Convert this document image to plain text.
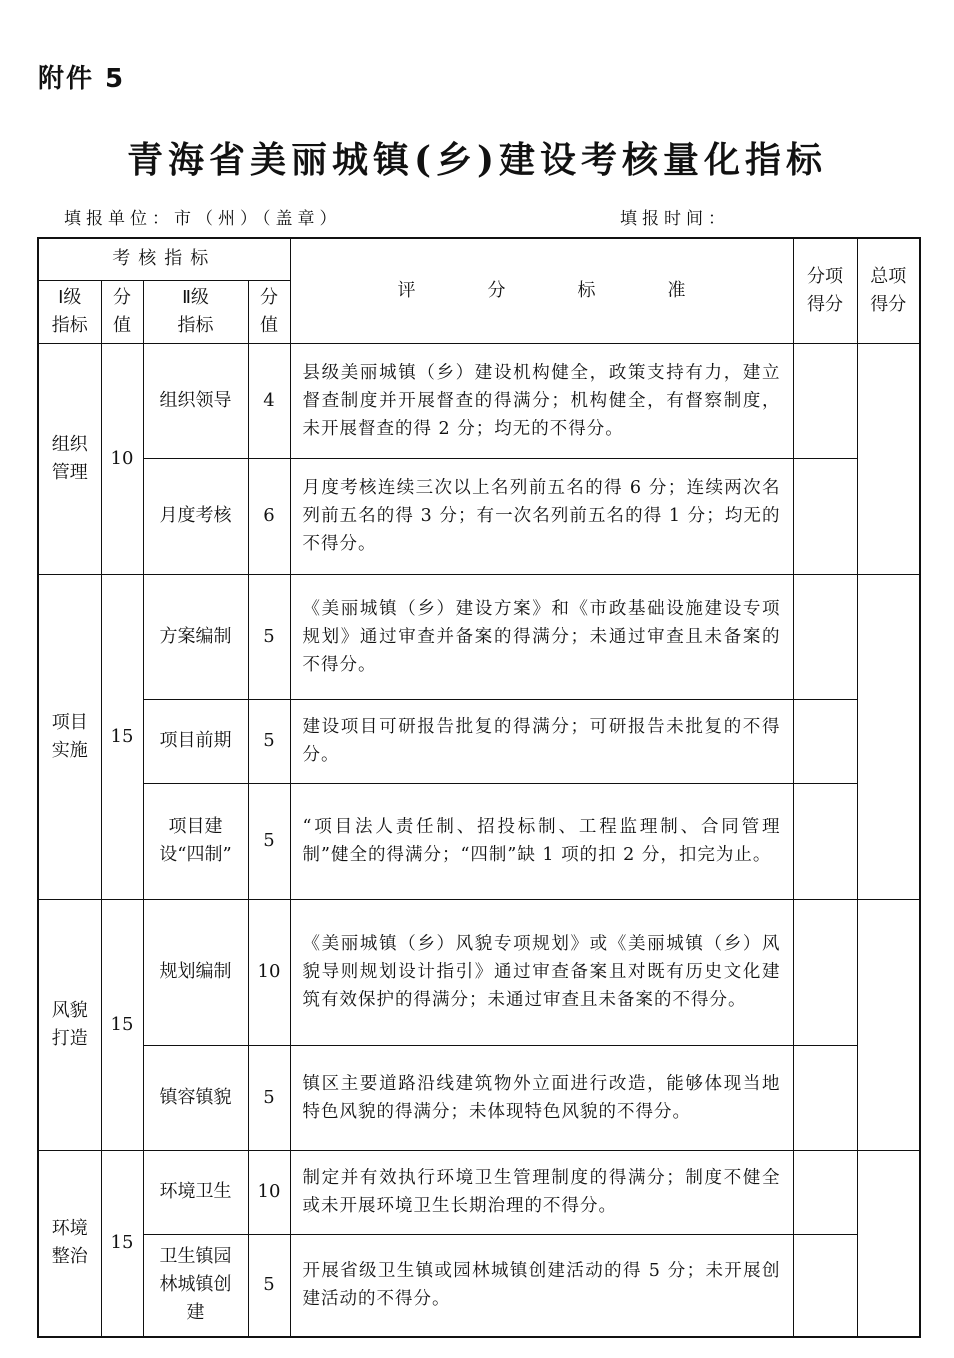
附件 5
青海省美丽城镇(乡)建设考核量化指标
填报单位：市（州）（盖章）	填报时间：
考核指标				评 分 标 准	分项得分	总项得分

Ⅰ级指标	分值	Ⅱ级指标	分值			

组织管理	10	组织领导	4	县级美丽城镇（乡）建设机构健全，政策支持有力，建立督查制度并开展督查的得满分；机构健全，有督察制度，未开展督查的得 2 分；均无的不得分。		

		月度考核	6	月度考核连续三次以上名列前五名的得 6 分；连续两次名列前五名的得 3 分；有一次名列前五名的得 1 分；均无的不得分。		

项目实施	15	方案编制	5	《美丽城镇（乡）建设方案》和《市政基础设施建设专项规划》通过审查并备案的得满分；未通过审查且未备案的不得分。		

		项目前期	5	建设项目可研报告批复的得满分；可研报告未批复的不得分。		

		项目建设“四制”	5	“项目法人责任制、招投标制、工程监理制、合同管理制”健全的得满分；“四制”缺 1 项的扣 2 分，扣完为止。		

风貌打造	15	规划编制	10	《美丽城镇（乡）风貌专项规划》或《美丽城镇（乡）风貌导则规划设计指引》通过审查备案且对既有历史文化建筑有效保护的得满分；未通过审查且未备案的不得分。		

		镇容镇貌	5	镇区主要道路沿线建筑物外立面进行改造，能够体现当地特色风貌的得满分；未体现特色风貌的不得分。		

环境整治	15	环境卫生	10	制定并有效执行环境卫生管理制度的得满分；制度不健全或未开展环境卫生长期治理的不得分。		

		卫生镇园林城镇创建	5	开展省级卫生镇或园林城镇创建活动的得 5 分；未开展创建活动的不得分。		
